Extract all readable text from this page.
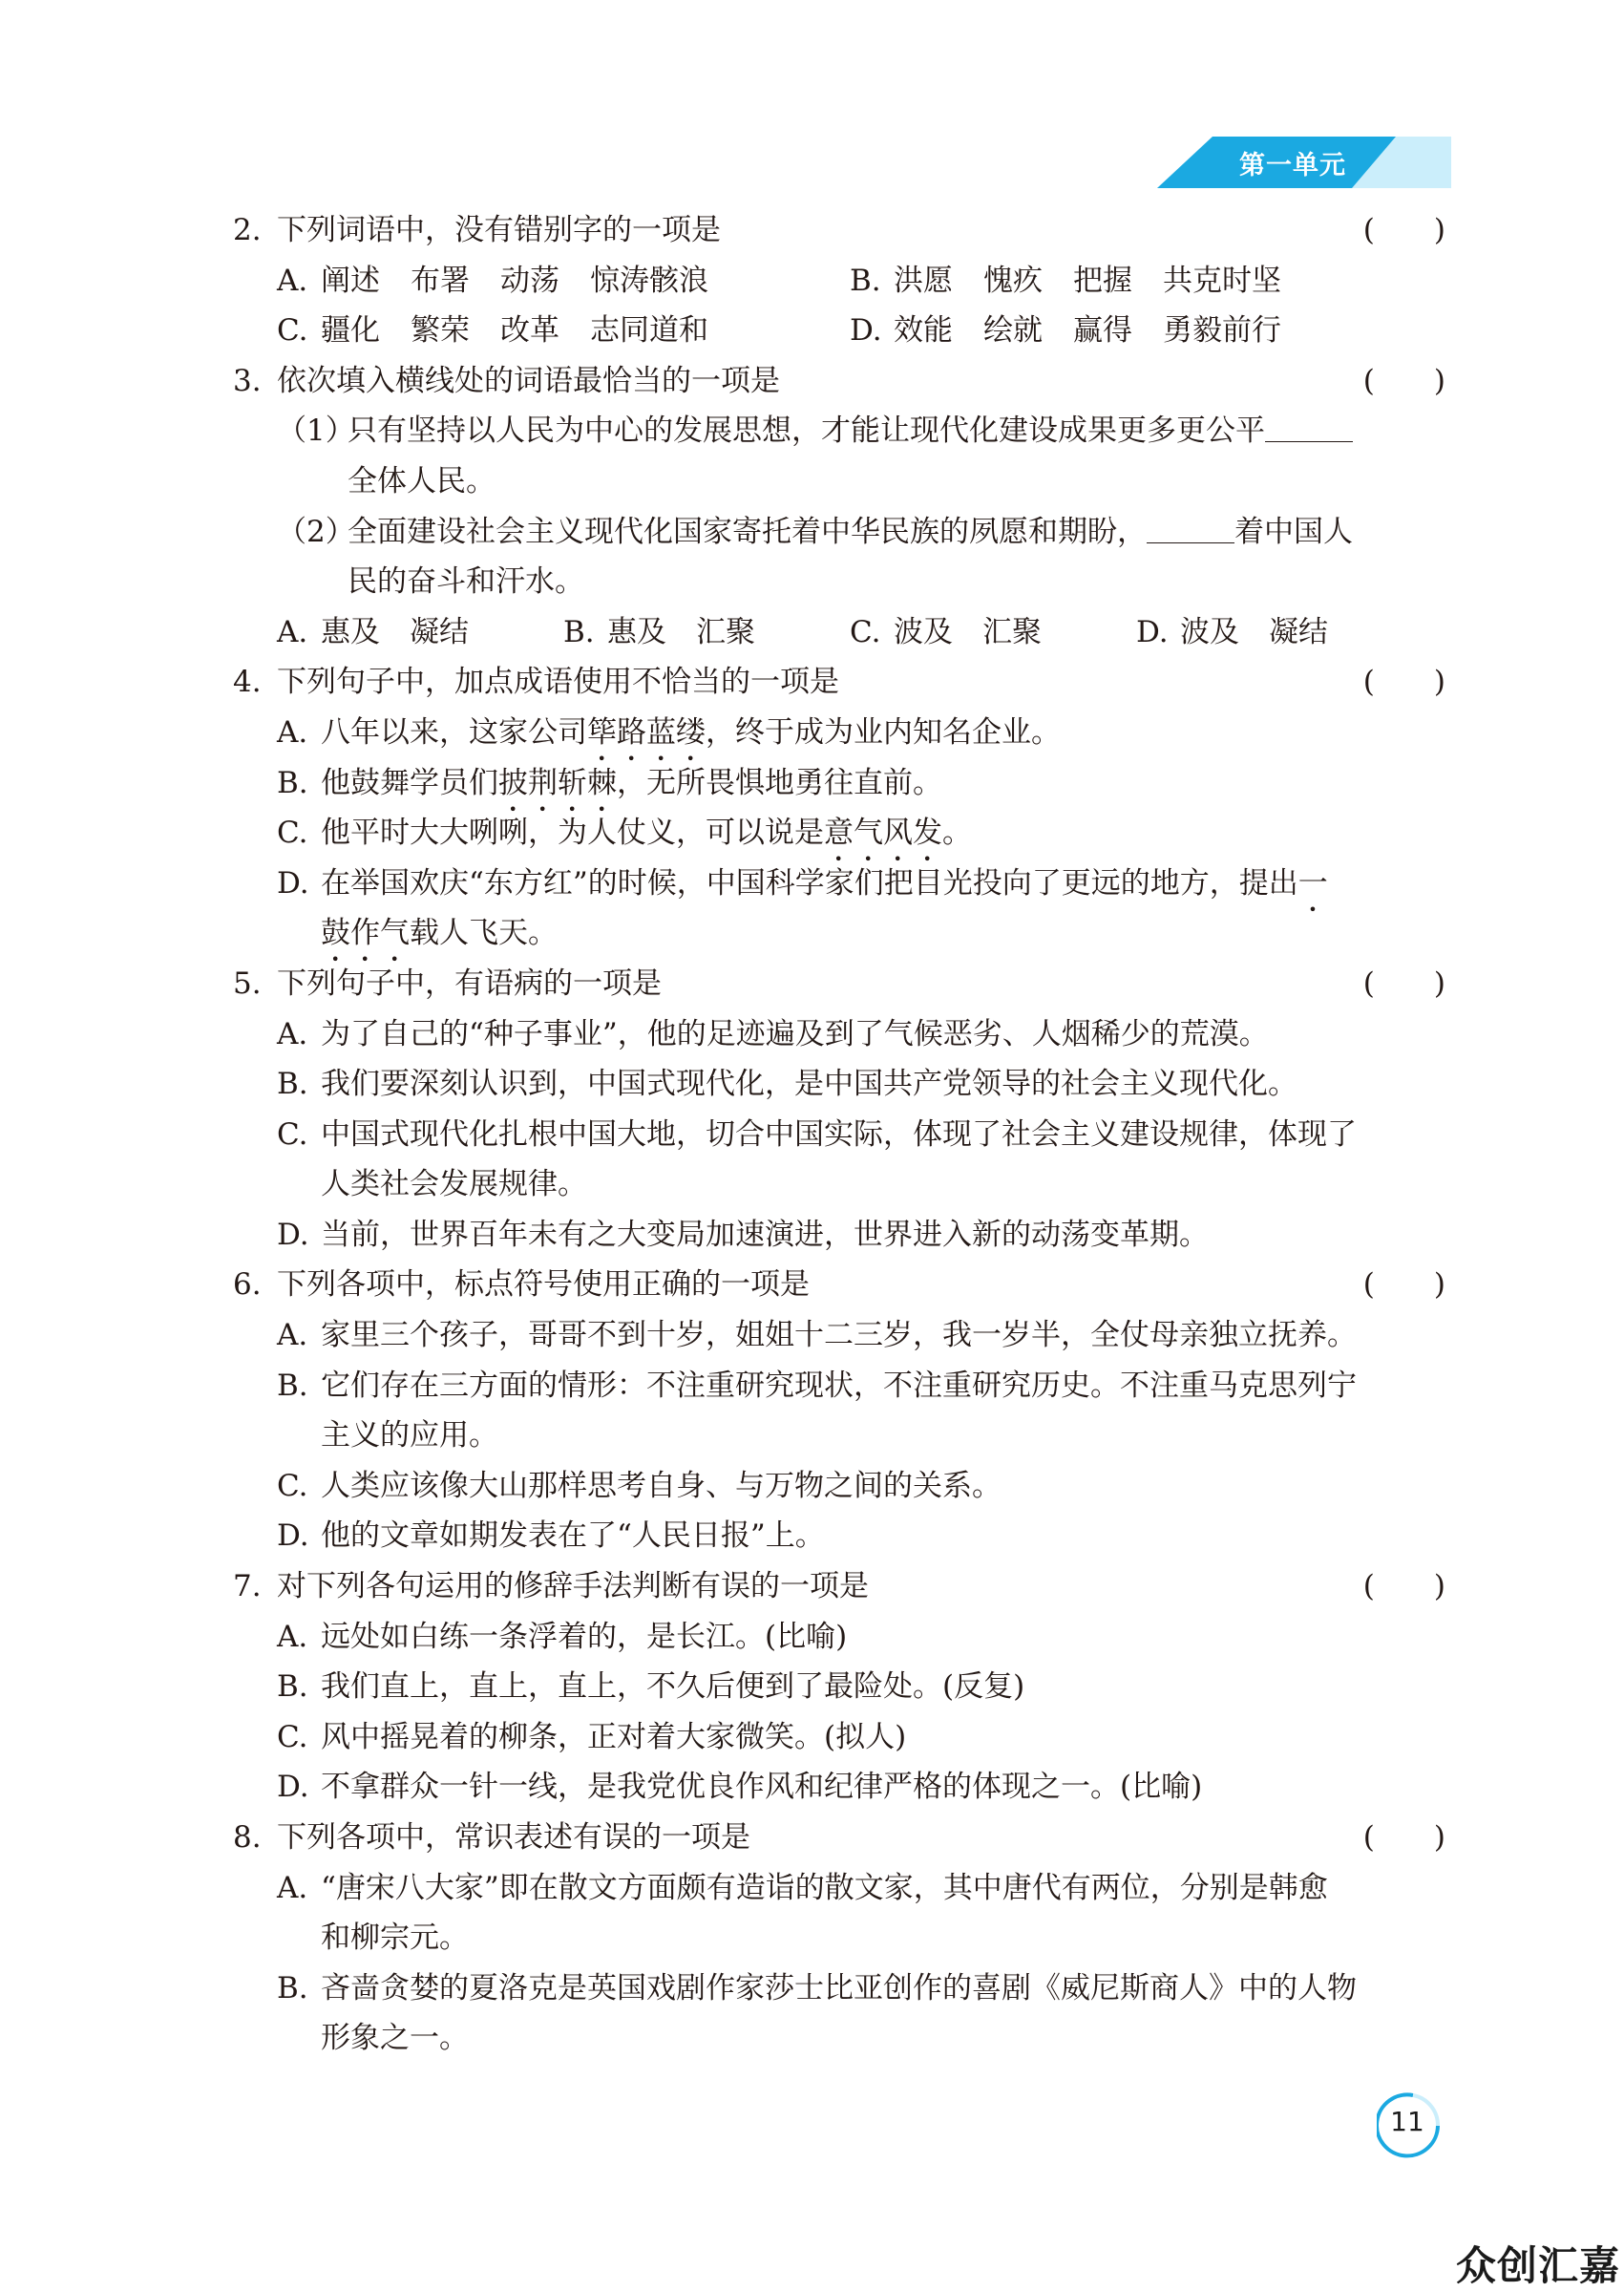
第一单元
2. 下列词语中，没有错别字的一项是	(　　)
A. 阐述 布署 动荡 惊涛骸浪	B. 洪愿 愧疚 把握 共克时坚
C. 疆化 繁荣 改革 志同道和	D. 效能 绘就 赢得 勇毅前行
3. 依次填入横线处的词语最恰当的一项是	(　　)
（1）只有坚持以人民为中心的发展思想，才能让现代化建设成果更多更公平
全体人民。
（2）全面建设社会主义现代化国家寄托着中华民族的夙愿和期盼，	着中国人
民的奋斗和汗水。
A. 惠及　 凝结	B. 惠及　 汇聚	C. 波及　 汇聚	D. 波及　 凝结
4. 下列句子中，加点成语使用不恰当的一项是	(　　)
A. 八年以来，这家公司筚路蓝缕，终于成为业内知名企业。
B. 他鼓舞学员们披荆斩棘，无所畏惧地勇往直前。
C. 他平时大大咧咧，为人仗义，可以说是意气风发。
D. 在举国欢庆“东方红”的时候，中国科学家们把目光投向了更远的地方，提出一
鼓作气载人飞天。
5. 下列句子中，有语病的一项是	(　　)
A. 为了自己的“种子事业”，他的足迹遍及到了气候恶劣、人烟稀少的荒漠。
B. 我们要深刻认识到，中国式现代化，是中国共产党领导的社会主义现代化。
C. 中国式现代化扎根中国大地，切合中国实际，体现了社会主义建设规律，体现了
人类社会发展规律。
D. 当前，世界百年未有之大变局加速演进，世界进入新的动荡变革期。
6. 下列各项中，标点符号使用正确的一项是	(　　)
A. 家里三个孩子，哥哥不到十岁，姐姐十二三岁，我一岁半，全仗母亲独立抚养。
B. 它们存在三方面的情形：不注重研究现状，不注重研究历史。不注重马克思列宁
主义的应用。
C. 人类应该像大山那样思考自身、与万物之间的关系。
D. 他的文章如期发表在了“人民日报”上。
7. 对下列各句运用的修辞手法判断有误的一项是	(　　)
A. 远处如白练一条浮着的，是长江。(比喻)
B. 我们直上，直上，直上，不久后便到了最险处。(反复)
C. 风中摇晃着的柳条，正对着大家微笑。(拟人)
D. 不拿群众一针一线，是我党优良作风和纪律严格的体现之一。(比喻)
8. 下列各项中，常识表述有误的一项是	(　　)
A. “唐宋八大家”即在散文方面颇有造诣的散文家，其中唐代有两位，分别是韩愈
和柳宗元。
B. 吝啬贪婪的夏洛克是英国戏剧作家莎士比亚创作的喜剧《威尼斯商人》中的人物
形象之一。
11
众创汇嘉
